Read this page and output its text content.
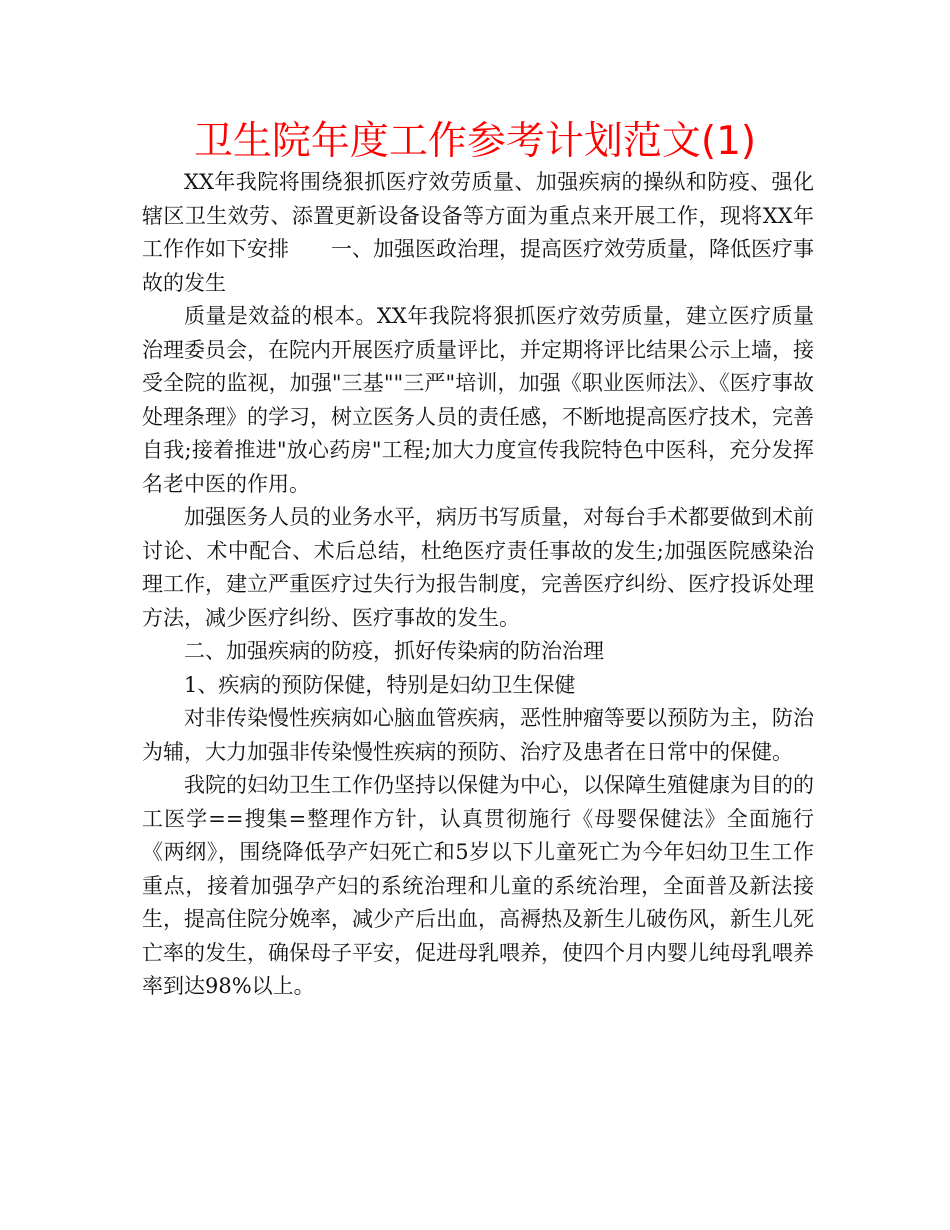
卫生院年度工作参考计划范文(1)

XX年我院将围绕狠抓医疗效劳质量、加强疾病的操纵和防疫、强化辖区卫生效劳、添置更新设备设备等方面为重点来开展工作，现将XX年工作作如下安排　　一、加强医政治理，提高医疗效劳质量，降低医疗事故的发生

质量是效益的根本。XX年我院将狠抓医疗效劳质量，建立医疗质量治理委员会，在院内开展医疗质量评比，并定期将评比结果公示上墙，接受全院的监视，加强"三基""三严"培训，加强《职业医师法》、《医疗事故处理条理》的学习，树立医务人员的责任感，不断地提高医疗技术，完善自我;接着推进"放心药房"工程;加大力度宣传我院特色中医科，充分发挥名老中医的作用。

加强医务人员的业务水平，病历书写质量，对每台手术都要做到术前讨论、术中配合、术后总结，杜绝医疗责任事故的发生;加强医院感染治理工作，建立严重医疗过失行为报告制度，完善医疗纠纷、医疗投诉处理方法，减少医疗纠纷、医疗事故的发生。

二、加强疾病的防疫，抓好传染病的防治治理

1、疾病的预防保健，特别是妇幼卫生保健

对非传染慢性疾病如心脑血管疾病，恶性肿瘤等要以预防为主，防治为辅，大力加强非传染慢性疾病的预防、治疗及患者在日常中的保健。

我院的妇幼卫生工作仍坚持以保健为中心，以保障生殖健康为目的的工医学==搜集=整理作方针，认真贯彻施行《母婴保健法》全面施行《两纲》，围绕降低孕产妇死亡和5岁以下儿童死亡为今年妇幼卫生工作重点，接着加强孕产妇的系统治理和儿童的系统治理，全面普及新法接生，提高住院分娩率，减少产后出血，高褥热及新生儿破伤风，新生儿死亡率的发生，确保母子平安，促进母乳喂养，使四个月内婴儿纯母乳喂养率到达98%以上。
